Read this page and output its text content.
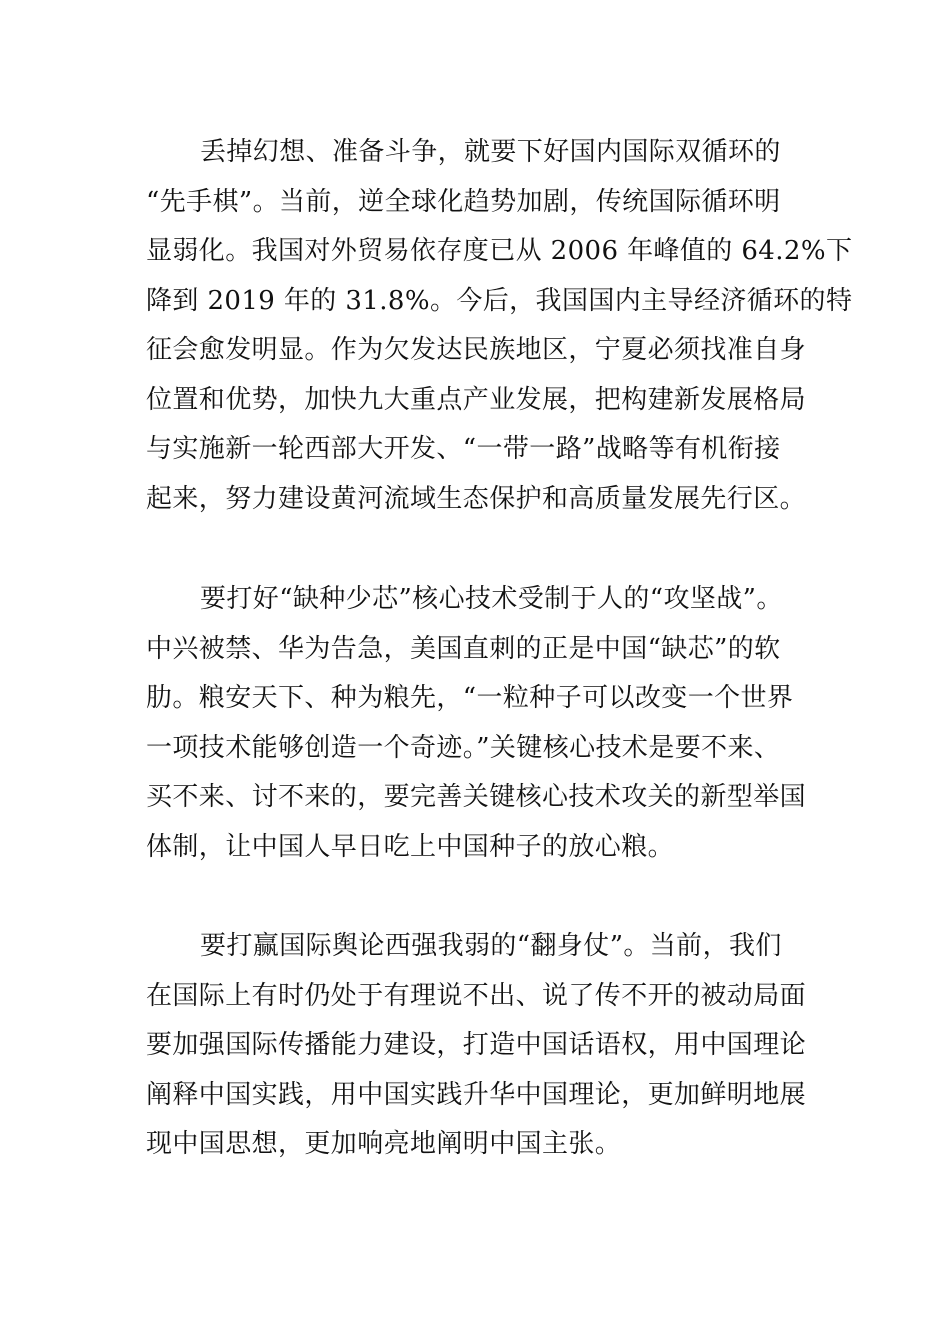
丢掉幻想、准备斗争，就要下好国内国际双循环的
“先手棋”。当前，逆全球化趋势加剧，传统国际循环明
显弱化。我国对外贸易依存度已从 2006 年峰值的 64.2%下
降到 2019 年的 31.8%。今后，我国国内主导经济循环的特
征会愈发明显。作为欠发达民族地区，宁夏必须找准自身
位置和优势，加快九大重点产业发展，把构建新发展格局
与实施新一轮西部大开发、“一带一路”战略等有机衔接
起来，努力建设黄河流域生态保护和高质量发展先行区。
要打好“缺种少芯”核心技术受制于人的“攻坚战”。
中兴被禁、华为告急，美国直刺的正是中国“缺芯”的软
肋。粮安天下、种为粮先，“一粒种子可以改变一个世界
一项技术能够创造一个奇迹。”关键核心技术是要不来、
买不来、讨不来的，要完善关键核心技术攻关的新型举国
体制，让中国人早日吃上中国种子的放心粮。
要打赢国际舆论西强我弱的“翻身仗”。当前，我们
在国际上有时仍处于有理说不出、说了传不开的被动局面
要加强国际传播能力建设，打造中国话语权，用中国理论
阐释中国实践，用中国实践升华中国理论，更加鲜明地展
现中国思想，更加响亮地阐明中国主张。
